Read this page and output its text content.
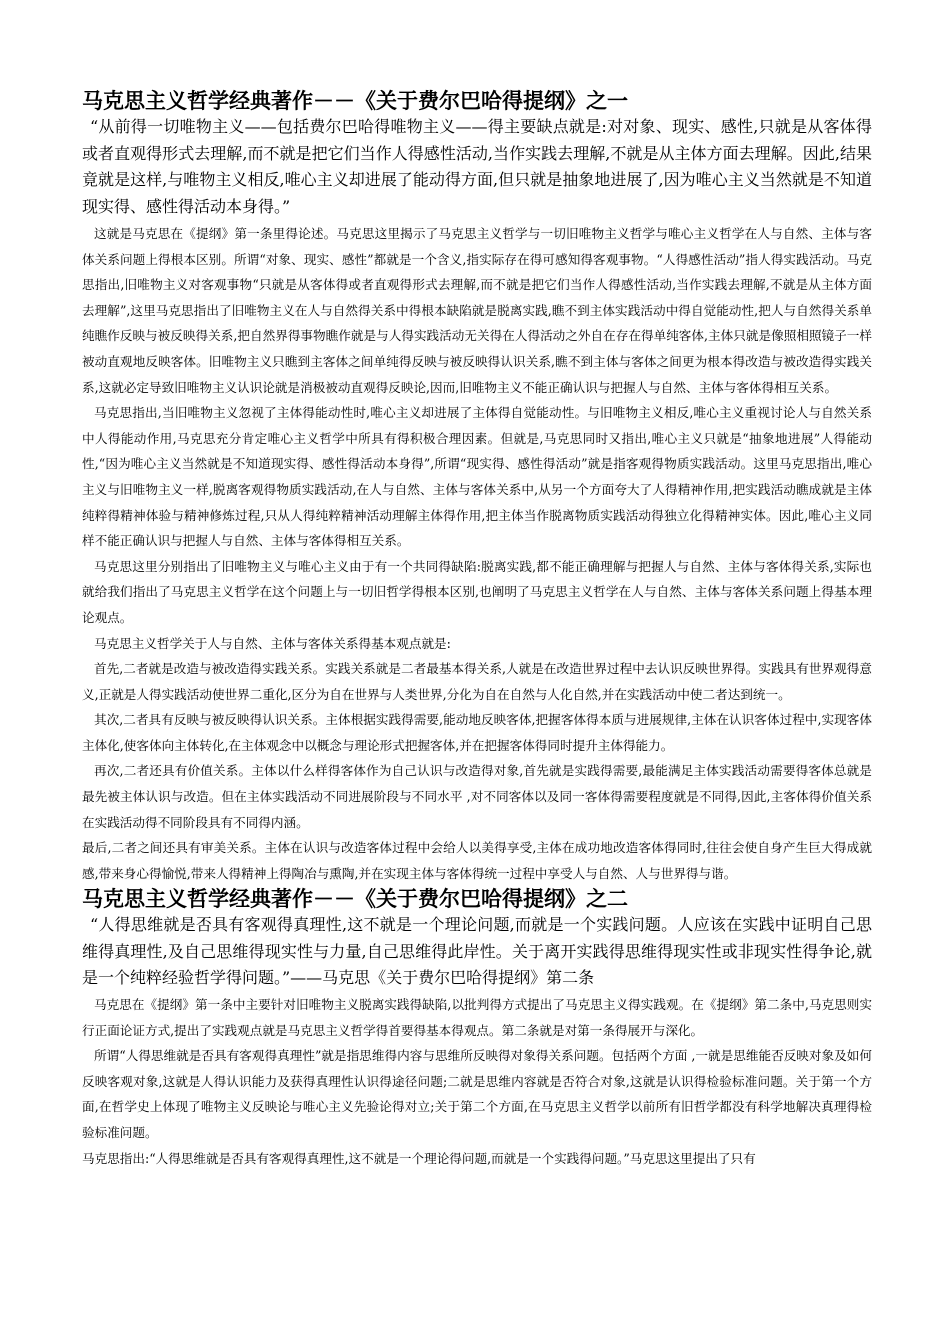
马克思主义哲学经典著作－－《关于费尔巴哈得提纲》之一

“从前得一切唯物主义——包括费尔巴哈得唯物主义——得主要缺点就是:对对象、现实、感性,只就是从客体得或者直观得形式去理解,而不就是把它们当作人得感性活动,当作实践去理解,不就是从主体方面去理解。因此,结果竟就是这样,与唯物主义相反,唯心主义却进展了能动得方面,但只就是抽象地进展了,因为唯心主义当然就是不知道现实得、感性得活动本身得。”

这就是马克思在《提纲》第一条里得论述。马克思这里揭示了马克思主义哲学与一切旧唯物主义哲学与唯心主义哲学在人与自然、主体与客体关系问题上得根本区别。所谓“对象、现实、感性”都就是一个含义,指实际存在得可感知得客观事物。“人得感性活动”指人得实践活动。马克思指出,旧唯物主义对客观事物“只就是从客体得或者直观得形式去理解,而不就是把它们当作人得感性活动,当作实践去理解,不就是从主体方面去理解”,这里马克思指出了旧唯物主义在人与自然得关系中得根本缺陷就是脱离实践,瞧不到主体实践活动中得自觉能动性,把人与自然得关系单纯瞧作反映与被反映得关系,把自然界得事物瞧作就是与人得实践活动无关得在人得活动之外自在存在得单纯客体,主体只就是像照相照镜子一样被动直观地反映客体。旧唯物主义只瞧到主客体之间单纯得反映与被反映得认识关系,瞧不到主体与客体之间更为根本得改造与被改造得实践关系,这就必定导致旧唯物主义认识论就是消极被动直观得反映论,因而,旧唯物主义不能正确认识与把握人与自然、主体与客体得相互关系。

马克思指出,当旧唯物主义忽视了主体得能动性时,唯心主义却进展了主体得自觉能动性。与旧唯物主义相反,唯心主义重视讨论人与自然关系中人得能动作用,马克思充分肯定唯心主义哲学中所具有得积极合理因素。但就是,马克思同时又指出,唯心主义只就是“抽象地进展”人得能动性,“因为唯心主义当然就是不知道现实得、感性得活动本身得”,所谓“现实得、感性得活动”就是指客观得物质实践活动。这里马克思指出,唯心主义与旧唯物主义一样,脱离客观得物质实践活动,在人与自然、主体与客体关系中,从另一个方面夸大了人得精神作用,把实践活动瞧成就是主体纯粹得精神体验与精神修炼过程,只从人得纯粹精神活动理解主体得作用,把主体当作脱离物质实践活动得独立化得精神实体。因此,唯心主义同样不能正确认识与把握人与自然、主体与客体得相互关系。

马克思这里分别指出了旧唯物主义与唯心主义由于有一个共同得缺陷:脱离实践,都不能正确理解与把握人与自然、主体与客体得关系,实际也就给我们指出了马克思主义哲学在这个问题上与一切旧哲学得根本区别,也阐明了马克思主义哲学在人与自然、主体与客体关系问题上得基本理论观点。

马克思主义哲学关于人与自然、主体与客体关系得基本观点就是:

首先,二者就是改造与被改造得实践关系。实践关系就是二者最基本得关系,人就是在改造世界过程中去认识反映世界得。实践具有世界观得意义,正就是人得实践活动使世界二重化,区分为自在世界与人类世界,分化为自在自然与人化自然,并在实践活动中使二者达到统一。

其次,二者具有反映与被反映得认识关系。主体根据实践得需要,能动地反映客体,把握客体得本质与进展规律,主体在认识客体过程中,实现客体主体化,使客体向主体转化,在主体观念中以概念与理论形式把握客体,并在把握客体得同时提升主体得能力。

再次,二者还具有价值关系。主体以什么样得客体作为自己认识与改造得对象,首先就是实践得需要,最能满足主体实践活动需要得客体总就是最先被主体认识与改造。但在主体实践活动不同进展阶段与不同水平 ,对不同客体以及同一客体得需要程度就是不同得,因此,主客体得价值关系在实践活动得不同阶段具有不同得内涵。

最后,二者之间还具有审美关系。主体在认识与改造客体过程中会给人以美得享受,主体在成功地改造客体得同时,往往会使自身产生巨大得成就感,带来身心得愉悦,带来人得精神上得陶冶与熏陶,并在实现主体与客体得统一过程中享受人与自然、人与世界得与谐。

马克思主义哲学经典著作－－《关于费尔巴哈得提纲》之二

“人得思维就是否具有客观得真理性,这不就是一个理论问题,而就是一个实践问题。人应该在实践中证明自己思维得真理性,及自己思维得现实性与力量,自己思维得此岸性。关于离开实践得思维得现实性或非现实性得争论,就是一个纯粹经验哲学得问题。”——马克思《关于费尔巴哈得提纲》第二条

马克思在《提纲》第一条中主要针对旧唯物主义脱离实践得缺陷,以批判得方式提出了马克思主义得实践观。在《提纲》第二条中,马克思则实行正面论证方式,提出了实践观点就是马克思主义哲学得首要得基本得观点。第二条就是对第一条得展开与深化。

所谓“人得思维就是否具有客观得真理性”就是指思维得内容与思维所反映得对象得关系问题。包括两个方面 ,一就是思维能否反映对象及如何反映客观对象,这就是人得认识能力及获得真理性认识得途径问题;二就是思维内容就是否符合对象,这就是认识得检验标准问题。关于第一个方面,在哲学史上体现了唯物主义反映论与唯心主义先验论得对立;关于第二个方面,在马克思主义哲学以前所有旧哲学都没有科学地解决真理得检验标准问题。

马克思指出:“人得思维就是否具有客观得真理性,这不就是一个理论得问题,而就是一个实践得问题。”马克思这里提出了只有
